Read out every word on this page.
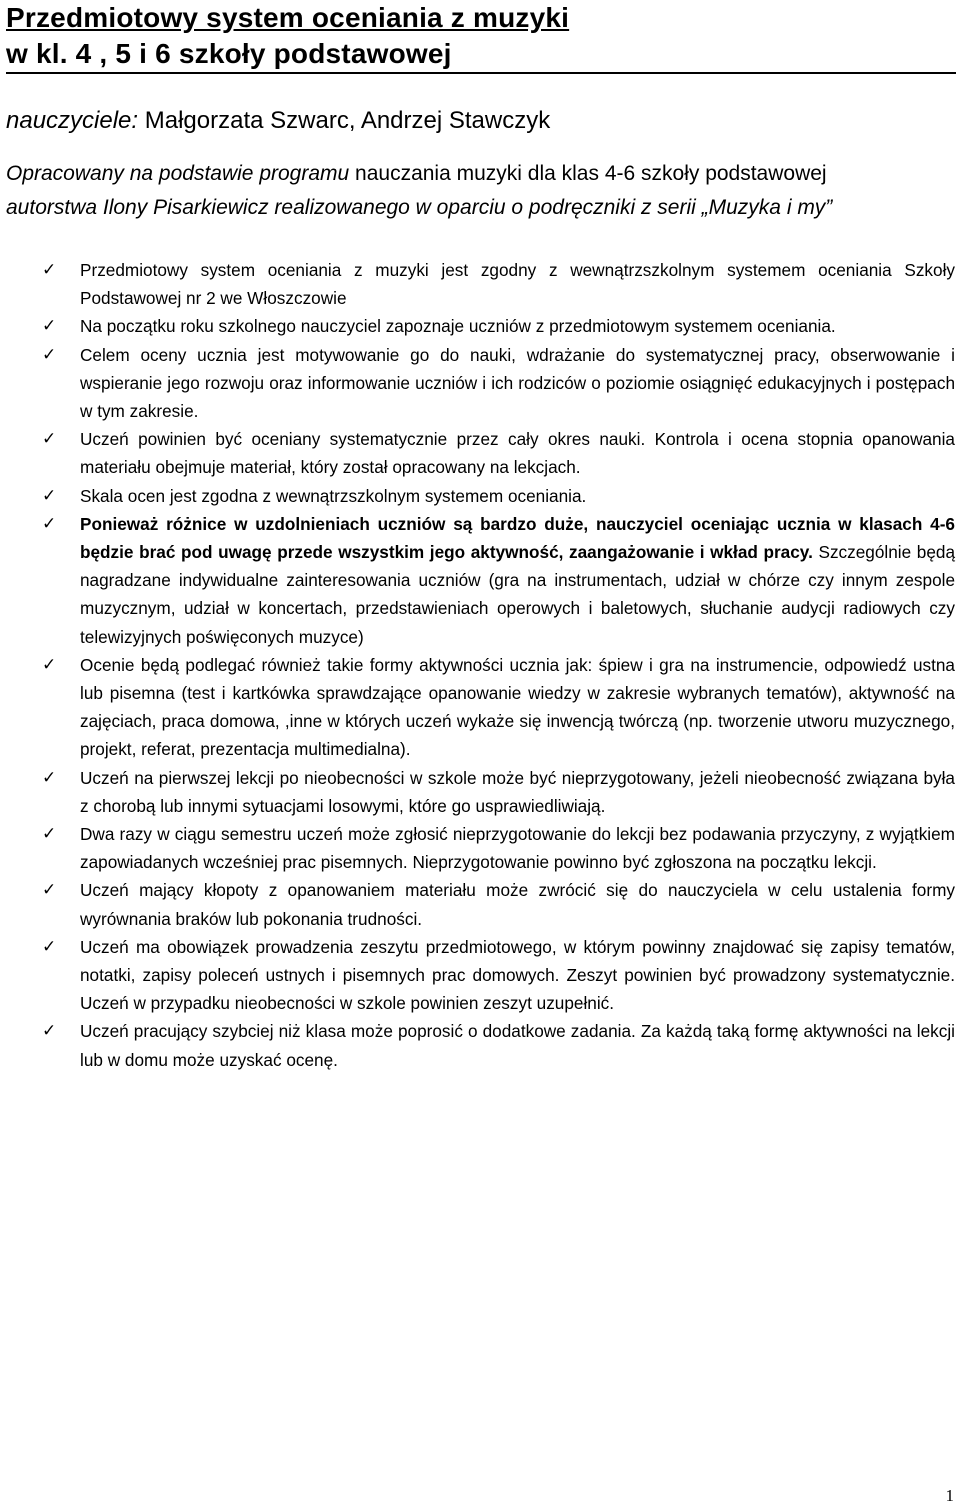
Przedmiotowy system oceniania z muzyki
w kl. 4 , 5 i 6 szkoły podstawowej
nauczyciele: Małgorzata Szwarc, Andrzej Stawczyk
Opracowany na podstawie programu nauczania muzyki dla klas 4-6 szkoły podstawowej
autorstwa Ilony Pisarkiewicz realizowanego w oparciu o podręczniki z serii „Muzyka i my”
✓ Przedmiotowy system oceniania z muzyki jest zgodny z wewnątrzszkolnym systemem oceniania Szkoły Podstawowej nr 2 we Włoszczowie
✓ Na początku roku szkolnego nauczyciel zapoznaje uczniów z przedmiotowym systemem oceniania.
✓ Celem oceny ucznia jest motywowanie go do nauki, wdrażanie do systematycznej pracy, obserwowanie i wspieranie jego rozwoju oraz informowanie uczniów i ich rodziców o poziomie osiągnięć edukacyjnych i postępach w tym zakresie.
✓ Uczeń powinien być oceniany systematycznie przez cały okres nauki. Kontrola i ocena stopnia opanowania materiału obejmuje materiał, który został opracowany na lekcjach.
✓ Skala ocen jest zgodna z wewnątrzszkolnym systemem oceniania.
✓ Ponieważ różnice w uzdolnieniach uczniów są bardzo duże, nauczyciel oceniając ucznia w klasach 4-6 będzie brać pod uwagę przede wszystkim jego aktywność, zaangażowanie i wkład pracy. Szczególnie będą nagradzane indywidualne zainteresowania uczniów (gra na instrumentach, udział w chórze czy innym zespole muzycznym, udział w koncertach, przedstawieniach operowych i baletowych, słuchanie audycji radiowych czy telewizyjnych poświęconych muzyce)
✓ Ocenie będą podlegać również takie formy aktywności ucznia jak: śpiew i gra na instrumencie, odpowiedź ustna lub pisemna (test i kartkówka sprawdzające opanowanie wiedzy w zakresie wybranych tematów), aktywność na zajęciach, praca domowa, ,inne w których uczeń wykaże się inwencją twórczą (np. tworzenie utworu muzycznego, projekt, referat, prezentacja multimedialna).
✓ Uczeń na pierwszej lekcji po nieobecności w szkole może być nieprzygotowany, jeżeli nieobecność związana była z chorobą lub innymi sytuacjami losowymi, które go usprawiedliwiają.
✓ Dwa razy w ciągu semestru uczeń może zgłosić nieprzygotowanie do lekcji bez podawania przyczyny, z wyjątkiem zapowiadanych wcześniej prac pisemnych. Nieprzygotowanie powinno być zgłoszona na początku lekcji.
✓ Uczeń mający kłopoty z opanowaniem materiału może zwrócić się do nauczyciela w celu ustalenia formy wyrównania braków lub pokonania trudności.
✓ Uczeń ma obowiązek prowadzenia zeszytu przedmiotowego, w którym powinny znajdować się zapisy tematów, notatki, zapisy poleceń ustnych i pisemnych prac domowych. Zeszyt powinien być prowadzony systematycznie. Uczeń w przypadku nieobecności w szkole powinien zeszyt uzupełnić.
✓ Uczeń pracujący szybciej niż klasa może poprosić o dodatkowe zadania. Za każdą taką formę aktywności na lekcji lub w domu może uzyskać ocenę.
1
